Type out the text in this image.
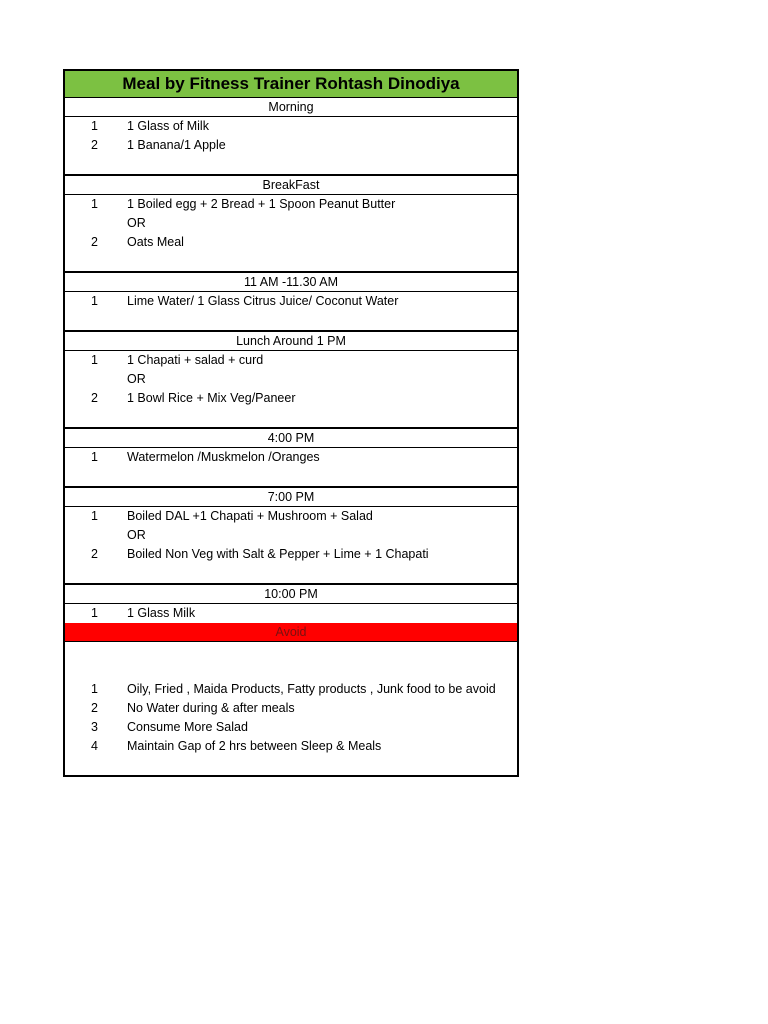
Meal by Fitness Trainer Rohtash Dinodiya
Morning
1 1 Glass of Milk
2 1 Banana/1 Apple
BreakFast
1 1 Boiled egg + 2 Bread + 1 Spoon Peanut Butter
OR
2 Oats Meal
11 AM -11.30 AM
1 Lime Water/ 1 Glass Citrus Juice/ Coconut Water
Lunch Around 1 PM
1 1 Chapati + salad + curd
OR
2 1 Bowl Rice + Mix Veg/Paneer
4:00 PM
1 Watermelon /Muskmelon /Oranges
7:00 PM
1 Boiled DAL +1 Chapati + Mushroom + Salad
OR
2 Boiled Non Veg with Salt & Pepper + Lime + 1 Chapati
10:00 PM
1 1 Glass Milk
Avoid
1 Oily, Fried , Maida Products, Fatty products , Junk food to be avoid
2 No Water during & after meals
3 Consume More Salad
4 Maintain Gap of 2 hrs between Sleep & Meals
